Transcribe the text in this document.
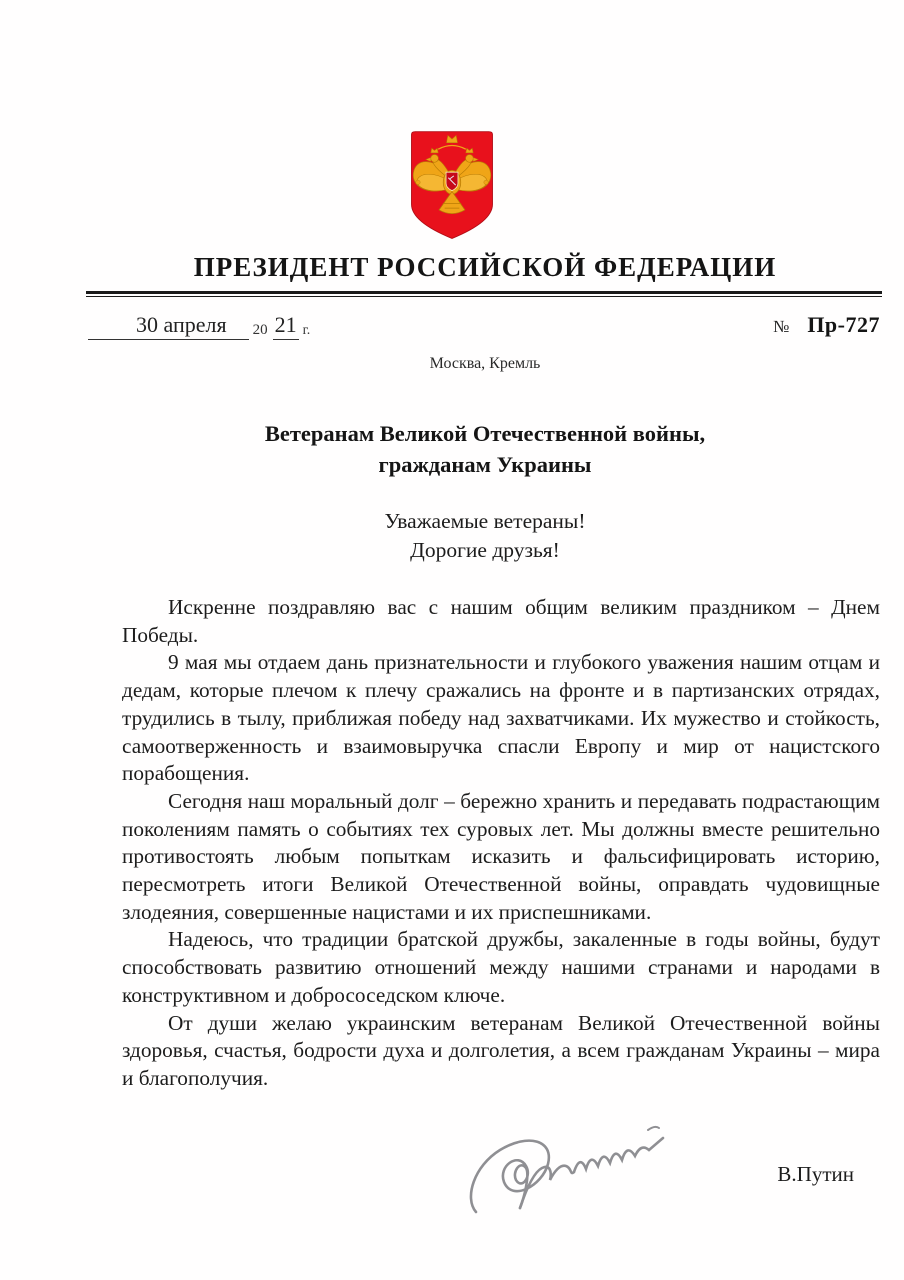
ПРЕЗИДЕНТ РОССИЙСКОЙ ФЕДЕРАЦИИ
30 апреля	20 21 г.	№ Пр-727
Москва, Кремль
Ветеранам Великой Отечественной войны,
гражданам Украины
Уважаемые ветераны!
Дорогие друзья!

Искренне поздравляю вас с нашим общим великим праздником – Днем Победы.

9 мая мы отдаем дань признательности и глубокого уважения нашим отцам и дедам, которые плечом к плечу сражались на фронте и в партизанских отрядах, трудились в тылу, приближая победу над захватчиками. Их мужество и стойкость, самоотверженность и взаимовыручка спасли Европу и мир от нацистского порабощения.

Сегодня наш моральный долг – бережно хранить и передавать подрастающим поколениям память о событиях тех суровых лет. Мы должны вместе решительно противостоять любым попыткам исказить и фальсифицировать историю, пересмотреть итоги Великой Отечественной войны, оправдать чудовищные злодеяния, совершенные нацистами и их приспешниками.

Надеюсь, что традиции братской дружбы, закаленные в годы войны, будут способствовать развитию отношений между нашими странами и народами в конструктивном и добрососедском ключе.

От души желаю украинским ветеранам Великой Отечественной войны здоровья, счастья, бодрости духа и долголетия, а всем гражданам Украины – мира и благополучия.

В.Путин
